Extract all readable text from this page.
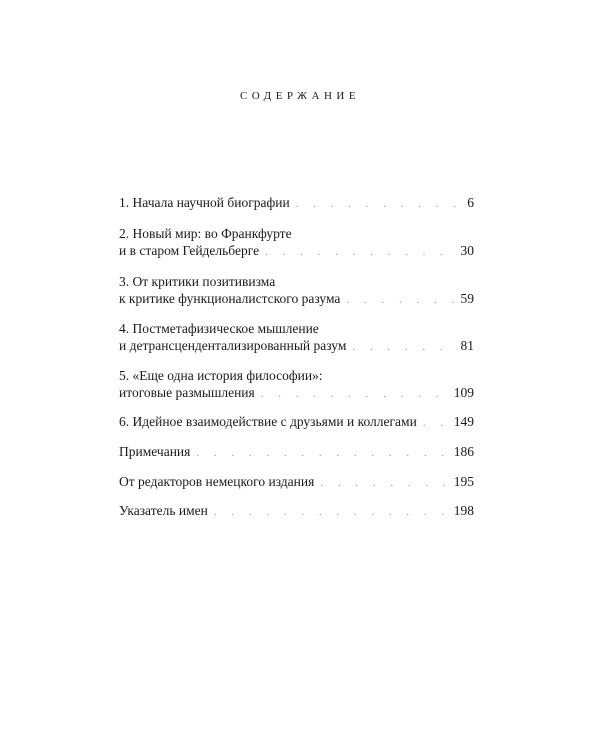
содержание
1. Начала научной биографии . . .	6
2. Новый мир: во Франкфурте
и в старом Гейдельберге . . .	30
3. От критики позитивизма
к критике функционалистского разума . . .	59
4. Постметафизическое мышление
и детрансцендентализированный разум . . .	81
5. «Еще одна история философии»:
итоговые размышления . . .	109
6. Идейное взаимодействие с друзьями и коллегами . . .	149
Примечания . . .	186
От редакторов немецкого издания . . .	195
Указатель имен . . .	198
